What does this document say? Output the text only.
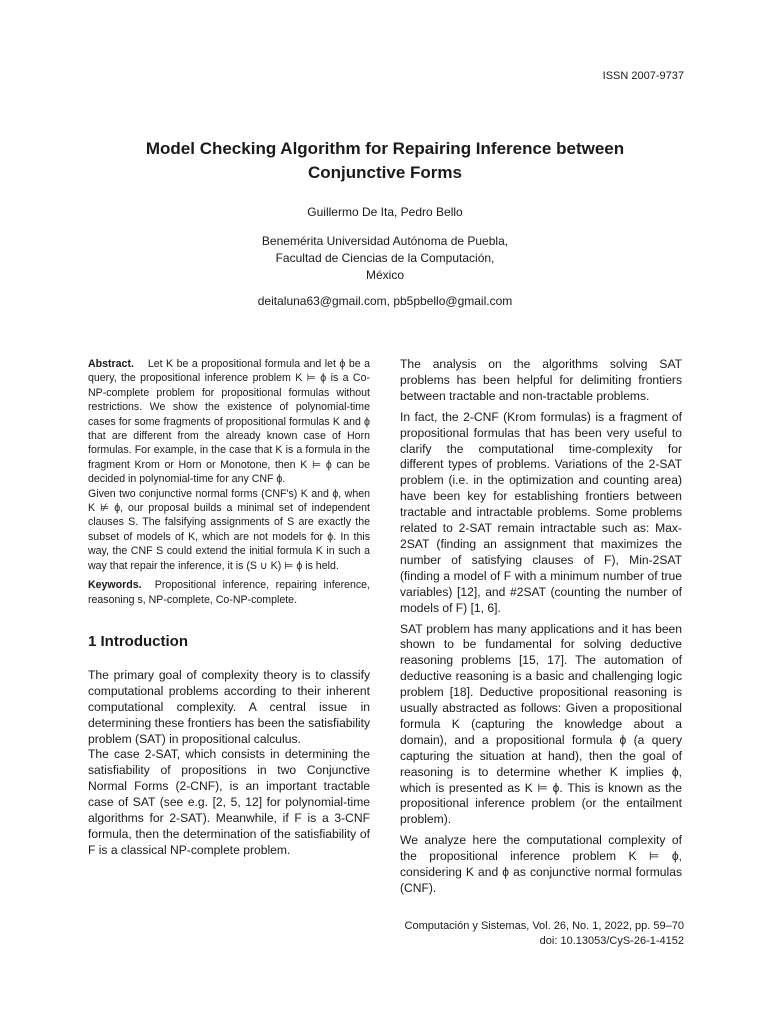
ISSN 2007-9737
Model Checking Algorithm for Repairing Inference between
Conjunctive Forms
Guillermo De Ita, Pedro Bello
Benemérita Universidad Autónoma de Puebla,
Facultad de Ciencias de la Computación,
México
deitaluna63@gmail.com, pb5pbello@gmail.com

Abstract. Let K be a propositional formula and let ϕ be a query, the propositional inference problem K ⊨ ϕ is a Co-NP-complete problem for propositional formulas without restrictions. We show the existence of polynomial-time cases for some fragments of propositional formulas K and ϕ that are different from the already known case of Horn formulas. For example, in the case that K is a formula in the fragment Krom or Horn or Monotone, then K ⊨ ϕ can be decided in polynomial-time for any CNF ϕ.

Given two conjunctive normal forms (CNF's) K and ϕ, when K ⊭ ϕ, our proposal builds a minimal set of independent clauses S. The falsifying assignments of S are exactly the subset of models of K, which are not models for ϕ. In this way, the CNF S could extend the initial formula K in such a way that repair the inference, it is (S ∪ K) ⊨ ϕ is held.

Keywords. Propositional inference, repairing inference, reasoning s, NP-complete, Co-NP-complete.

1 Introduction

The primary goal of complexity theory is to classify computational problems according to their inherent computational complexity. A central issue in determining these frontiers has been the satisfiability problem (SAT) in propositional calculus.

The case 2-SAT, which consists in determining the satisfiability of propositions in two Conjunctive Normal Forms (2-CNF), is an important tractable case of SAT (see e.g. [2, 5, 12] for polynomial-time algorithms for 2-SAT). Meanwhile, if F is a 3-CNF formula, then the determination of the satisfiability of F is a classical NP-complete problem.

The analysis on the algorithms solving SAT problems has been helpful for delimiting frontiers between tractable and non-tractable problems.

In fact, the 2-CNF (Krom formulas) is a fragment of propositional formulas that has been very useful to clarify the computational time-complexity for different types of problems. Variations of the 2-SAT problem (i.e. in the optimization and counting area) have been key for establishing frontiers between tractable and intractable problems. Some problems related to 2-SAT remain intractable such as: Max-2SAT (finding an assignment that maximizes the number of satisfying clauses of F), Min-2SAT (finding a model of F with a minimum number of true variables) [12], and #2SAT (counting the number of models of F) [1, 6].

SAT problem has many applications and it has been shown to be fundamental for solving deductive reasoning problems [15, 17]. The automation of deductive reasoning is a basic and challenging logic problem [18]. Deductive propositional reasoning is usually abstracted as follows: Given a propositional formula K (capturing the knowledge about a domain), and a propositional formula ϕ (a query capturing the situation at hand), then the goal of reasoning is to determine whether K implies ϕ, which is presented as K ⊨ ϕ. This is known as the propositional inference problem (or the entailment problem).

We analyze here the computational complexity of the propositional inference problem K ⊨ ϕ, considering K and ϕ as conjunctive normal formulas (CNF).

Computación y Sistemas, Vol. 26, No. 1, 2022, pp. 59–70
doi: 10.13053/CyS-26-1-4152
